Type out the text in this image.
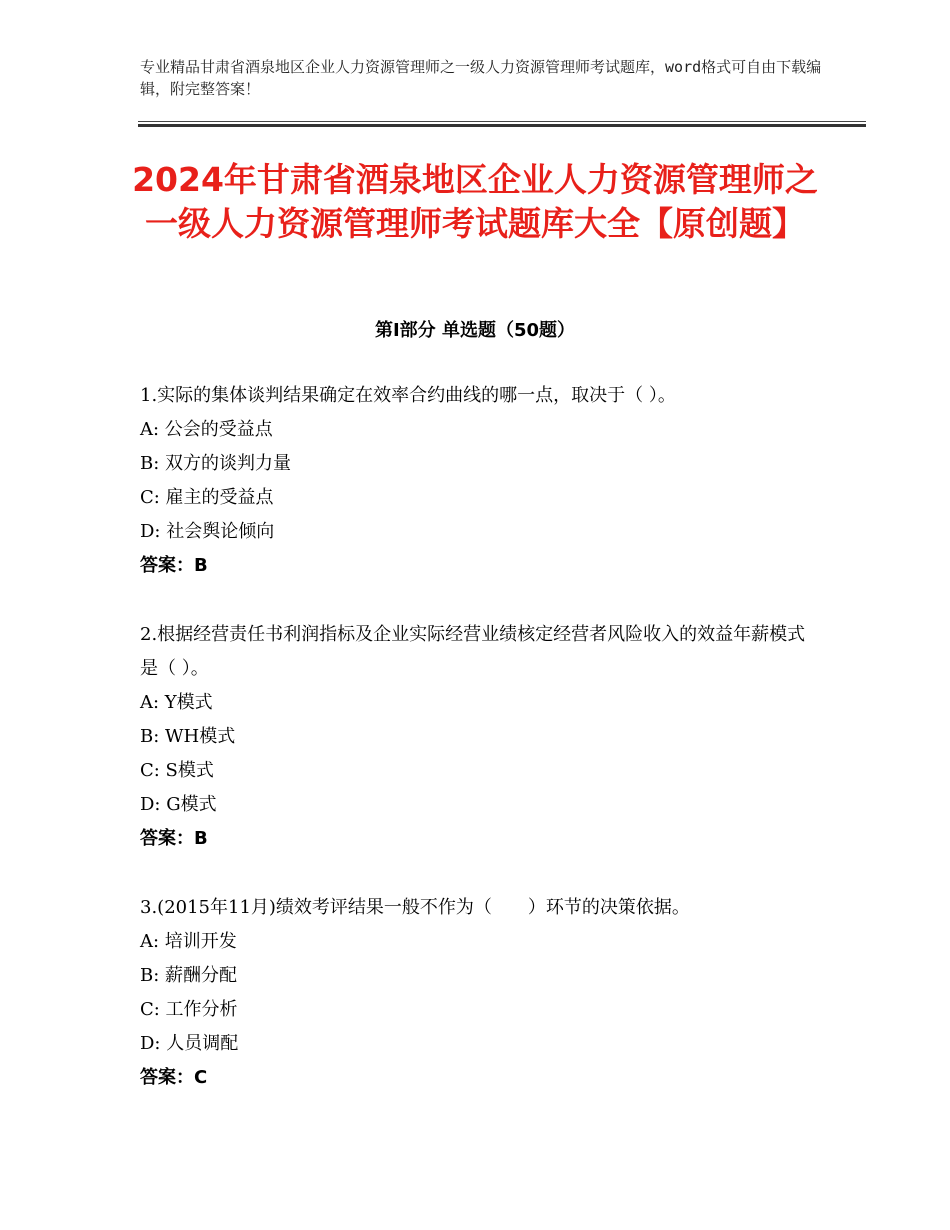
专业精品甘肃省酒泉地区企业人力资源管理师之一级人力资源管理师考试题库，word格式可自由下载编辑，附完整答案！
2024年甘肃省酒泉地区企业人力资源管理师之一级人力资源管理师考试题库大全【原创题】
第Ⅰ部分 单选题（50题）
1.实际的集体谈判结果确定在效率合约曲线的哪一点，取决于（ ）。
A: 公会的受益点
B: 双方的谈判力量
C: 雇主的受益点
D: 社会舆论倾向
答案：B
2.根据经营责任书利润指标及企业实际经营业绩核定经营者风险收入的效益年薪模式是（ ）。
A: Y模式
B: WH模式
C: S模式
D: G模式
答案：B
3.(2015年11月)绩效考评结果一般不作为（　　）环节的决策依据。
A: 培训开发
B: 薪酬分配
C: 工作分析
D: 人员调配
答案：C
